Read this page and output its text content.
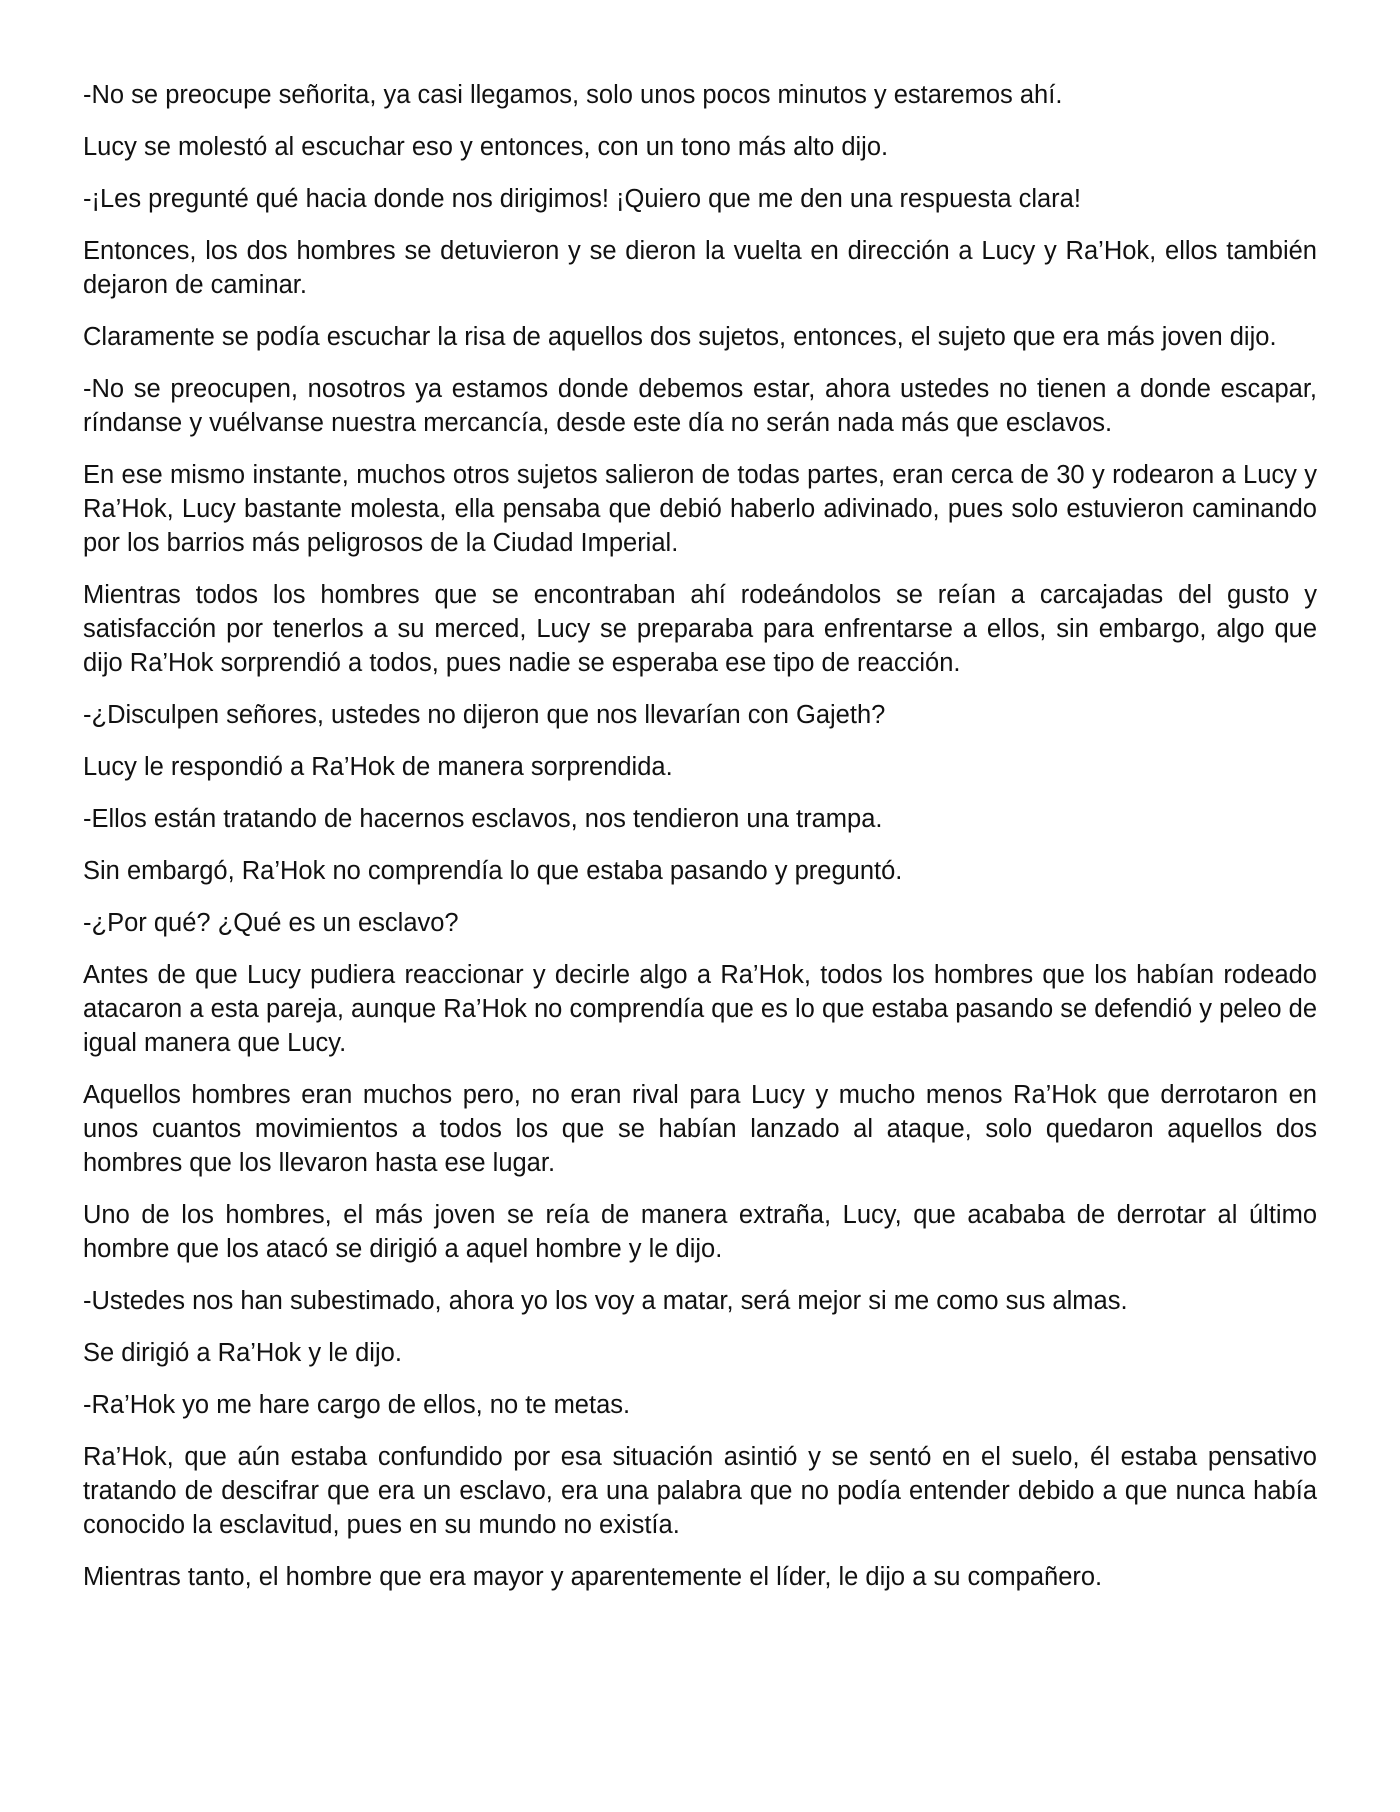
-No se preocupe señorita, ya casi llegamos, solo unos pocos minutos y estaremos ahí.

Lucy se molestó al escuchar eso y entonces, con un tono más alto dijo.

-¡Les pregunté qué hacia donde nos dirigimos! ¡Quiero que me den una respuesta clara!

Entonces, los dos hombres se detuvieron y se dieron la vuelta en dirección a Lucy y Ra’Hok, ellos también dejaron de caminar.

Claramente se podía escuchar la risa de aquellos dos sujetos, entonces, el sujeto que era más joven dijo.

-No se preocupen, nosotros ya estamos donde debemos estar, ahora ustedes no tienen a donde escapar, ríndanse y vuélvanse nuestra mercancía, desde este día no serán nada más que esclavos.

En ese mismo instante, muchos otros sujetos salieron de todas partes, eran cerca de 30 y rodearon a Lucy y Ra’Hok, Lucy bastante molesta, ella pensaba que debió haberlo adivinado, pues solo estuvieron caminando por los barrios más peligrosos de la Ciudad Imperial.

Mientras todos los hombres que se encontraban ahí rodeándolos se reían a carcajadas del gusto y satisfacción por tenerlos a su merced, Lucy se preparaba para enfrentarse a ellos, sin embargo, algo que dijo Ra’Hok sorprendió a todos, pues nadie se esperaba ese tipo de reacción.

-¿Disculpen señores, ustedes no dijeron que nos llevarían con Gajeth?

Lucy le respondió a Ra’Hok de manera sorprendida.

-Ellos están tratando de hacernos esclavos, nos tendieron una trampa.

Sin embargó, Ra’Hok no comprendía lo que estaba pasando y preguntó.

-¿Por qué? ¿Qué es un esclavo?

Antes de que Lucy pudiera reaccionar y decirle algo a Ra’Hok, todos los hombres que los habían rodeado atacaron a esta pareja, aunque Ra’Hok no comprendía que es lo que estaba pasando se defendió y peleo de igual manera que Lucy.

Aquellos hombres eran muchos pero, no eran rival para Lucy y mucho menos Ra’Hok que derrotaron en unos cuantos movimientos a todos los que se habían lanzado al ataque, solo quedaron aquellos dos hombres que los llevaron hasta ese lugar.

Uno de los hombres, el más joven se reía de manera extraña, Lucy, que acababa de derrotar al último hombre que los atacó se dirigió a aquel hombre y le dijo.

-Ustedes nos han subestimado, ahora yo los voy a matar, será mejor si me como sus almas.

Se dirigió a Ra’Hok y le dijo.

-Ra’Hok yo me hare cargo de ellos, no te metas.

Ra’Hok, que aún estaba confundido por esa situación asintió y se sentó en el suelo, él estaba pensativo tratando de descifrar que era un esclavo, era una palabra que no podía entender debido a que nunca había conocido la esclavitud, pues en su mundo no existía.

Mientras tanto, el hombre que era mayor y aparentemente el líder, le dijo a su compañero.
